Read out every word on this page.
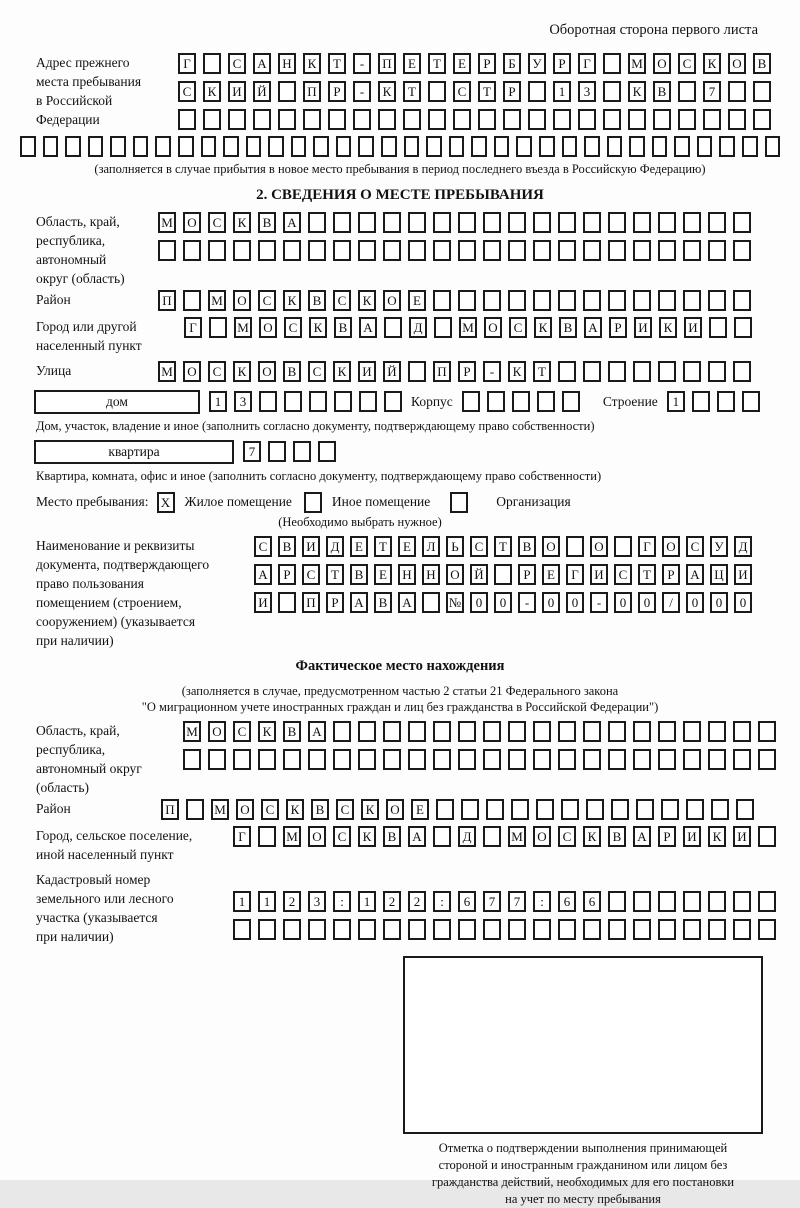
Оборотная сторона первого листа
Адрес прежнего
места пребывания
в Российской
Федерации
Г	С	А	Н	К	Т	-	П	Е	Т	Е	Р	Б	У	Р	Г	М	О	С	К	О	В
С	К	И	Й	П	Р	-	К	Т	С	Т	Р	1	3	К	В	7
(заполняется в случае прибытия в новое место пребывания в период последнего въезда в Российскую Федерацию)
2. СВЕДЕНИЯ О МЕСТЕ ПРЕБЫВАНИЯ
Область, край,
республика,
автономный
округ (область)
М	О	С	К	В	А
Район	П	М	О	С	К	В	С	К	О	Е
Город или другой
населенный пункт
Г	М	О	С	К	В	А	Д	М	О	С	К	В	А	Р	И	К	И
Улица	М	О	С	К	О	В	С	К	И	Й	П	Р	-	К	Т
дом	1	3	Корпус	Строение	1
Дом, участок, владение и иное (заполнить согласно документу, подтверждающему право собственности)
квартира	7
Квартира, комната, офис и иное (заполнить согласно документу, подтверждающему право собственности)
Место пребывания: X	Жилое помещение	Иное помещение	Организация
(Необходимо выбрать нужное)
Наименование и реквизиты
документа, подтверждающего
право пользования
помещением (строением,
сооружением) (указывается
при наличии)
С	В	И	Д	Е	Т	Е	Л	Ь	С	Т	В	О	О	Г	О	С	У	Д
А	Р	С	Т	В	Е	Н	Н	О	Й	Р	Е	Г	И	С	Т	Р	А	Ц	И
И	П	Р	А	В	А	№	0	0	-	0	0	-	0	0	/	0	0	0
Фактическое место нахождения
(заполняется в случае, предусмотренном частью 2 статьи 21 Федерального закона
"О миграционном учете иностранных граждан и лиц без гражданства в Российской Федерации")
Область, край,
республика,
автономный округ
(область)
М	О	С	К	В	А
Район	П	М	О	С	К	В	С	К	О	Е
Город, сельское поселение,
иной населенный пункт
Г	М	О	С	К	В	А	Д	М	О	С	К	В	А	Р	И	К	И
Кадастровый номер
земельного или лесного
участка (указывается
при наличии)
1	1	2	3	:	1	2	2	:	6	7	7	:	6	6
Отметка о подтверждении выполнения принимающей
стороной и иностранным гражданином или лицом без
гражданства действий, необходимых для его постановки
на учет по месту пребывания
